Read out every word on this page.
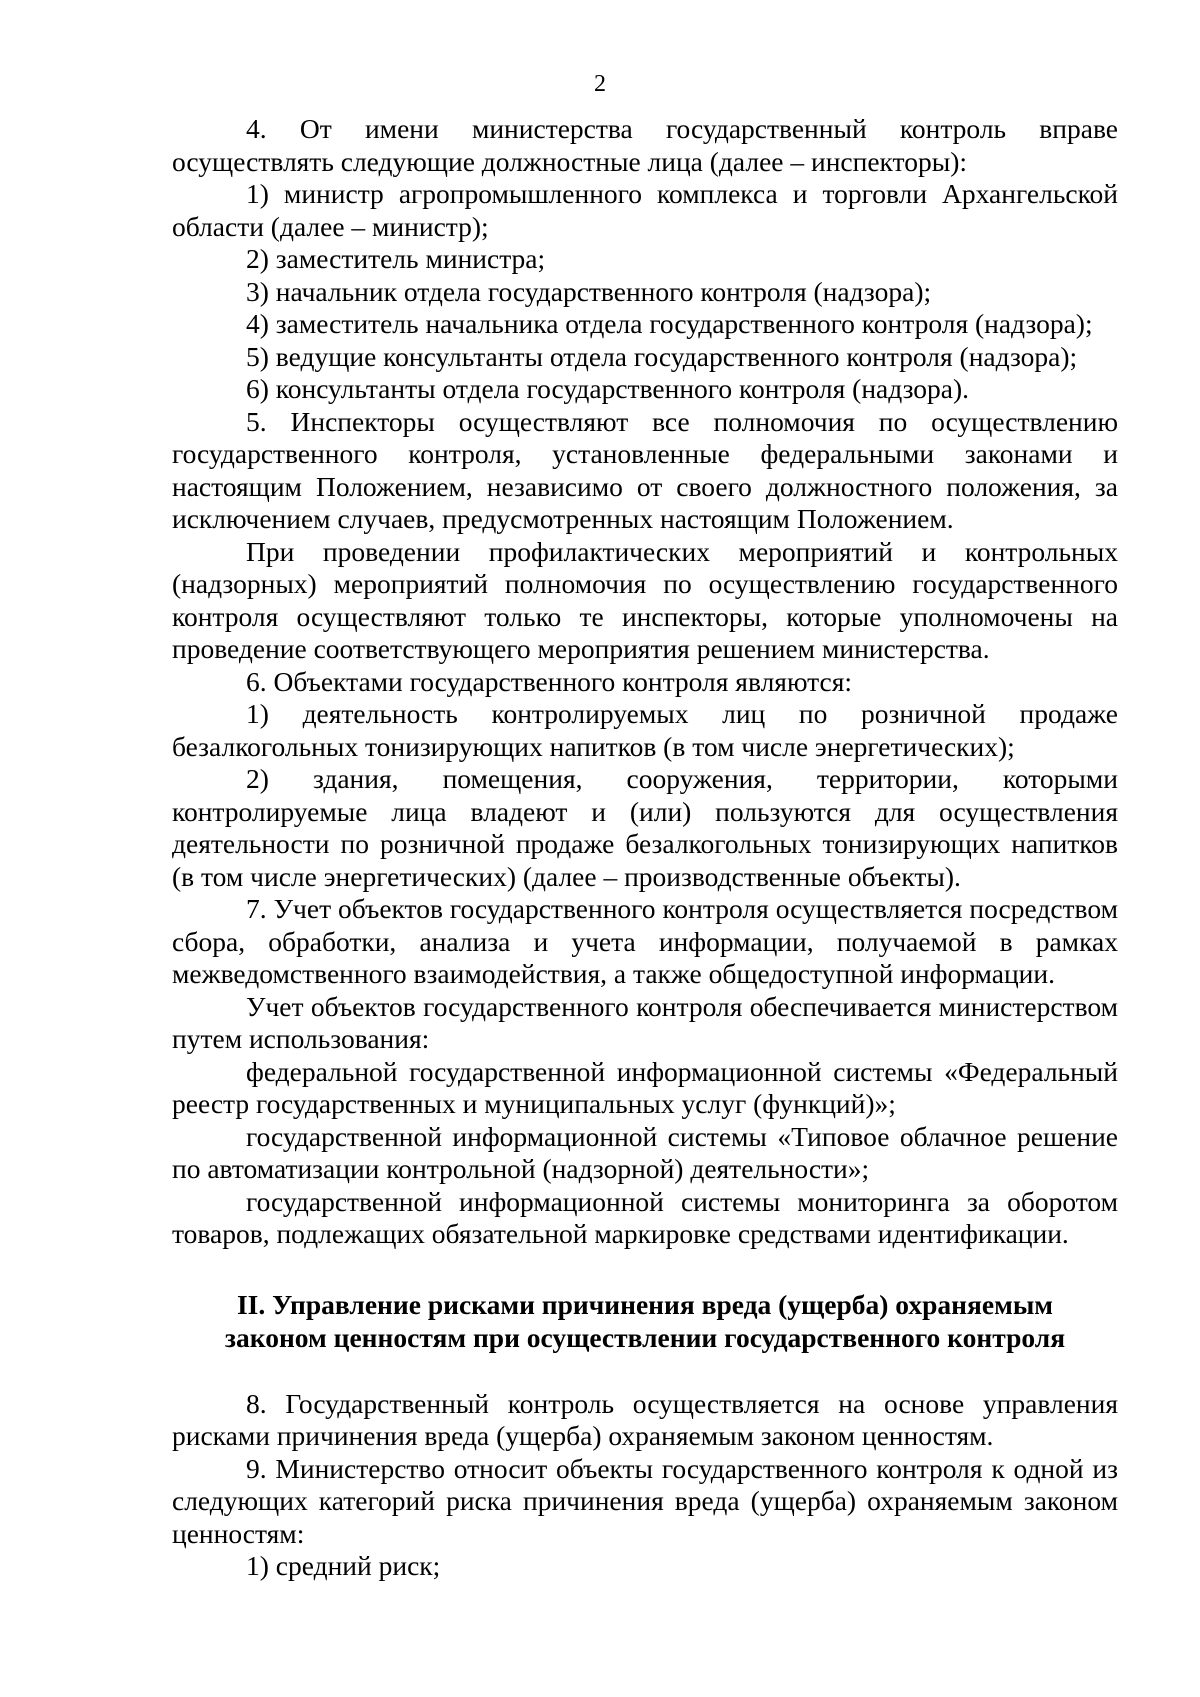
2

4. От имени министерства государственный контроль вправе осуществлять следующие должностные лица (далее – инспекторы):

1) министр агропромышленного комплекса и торговли Архангельской области (далее – министр);

2) заместитель министра;

3) начальник отдела государственного контроля (надзора);

4) заместитель начальника отдела государственного контроля (надзора);

5) ведущие консультанты отдела государственного контроля (надзора);

6) консультанты отдела государственного контроля (надзора).

5. Инспекторы осуществляют все полномочия по осуществлению государственного контроля, установленные федеральными законами и настоящим Положением, независимо от своего должностного положения, за исключением случаев, предусмотренных настоящим Положением.

При проведении профилактических мероприятий и контрольных (надзорных) мероприятий полномочия по осуществлению государственного контроля осуществляют только те инспекторы, которые уполномочены на проведение соответствующего мероприятия решением министерства.

6. Объектами государственного контроля являются:

1) деятельность контролируемых лиц по розничной продаже безалкогольных тонизирующих напитков (в том числе энергетических);

2) здания, помещения, сооружения, территории, которыми контролируемые лица владеют и (или) пользуются для осуществления деятельности по розничной продаже безалкогольных тонизирующих напитков (в том числе энергетических) (далее – производственные объекты).

7. Учет объектов государственного контроля осуществляется посредством сбора, обработки, анализа и учета информации, получаемой в рамках межведомственного взаимодействия, а также общедоступной информации.

Учет объектов государственного контроля обеспечивается министерством путем использования:

федеральной государственной информационной системы «Федеральный реестр государственных и муниципальных услуг (функций)»;

государственной информационной системы «Типовое облачное решение по автоматизации контрольной (надзорной) деятельности»;

государственной информационной системы мониторинга за оборотом товаров, подлежащих обязательной маркировке средствами идентификации.

II. Управление рисками причинения вреда (ущерба) охраняемым
законом ценностям при осуществлении государственного контроля

8. Государственный контроль осуществляется на основе управления рисками причинения вреда (ущерба) охраняемым законом ценностям.

9. Министерство относит объекты государственного контроля к одной из следующих категорий риска причинения вреда (ущерба) охраняемым законом ценностям:

1) средний риск;
